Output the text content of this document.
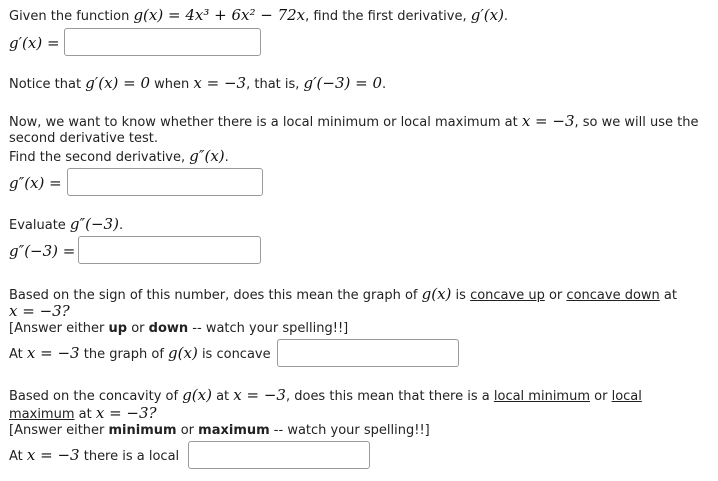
Given the function g(x) = 4x³ + 6x² − 72x, find the first derivative, g′(x).
g′(x) =
Notice that g′(x) = 0 when x = −3, that is, g′(−3) = 0.
Now, we want to know whether there is a local minimum or local maximum at x = −3, so we will use the
second derivative test.
Find the second derivative, g″(x).
g″(x) =
Evaluate g″(−3).
g″(−3) =
Based on the sign of this number, does this mean the graph of g(x) is concave up or concave down at
x = −3?
[Answer either up or down -- watch your spelling!!]
At x = −3 the graph of g(x) is concave
Based on the concavity of g(x) at x = −3, does this mean that there is a local minimum or local
maximum at x = −3?
[Answer either minimum or maximum -- watch your spelling!!]
At x = −3 there is a local
